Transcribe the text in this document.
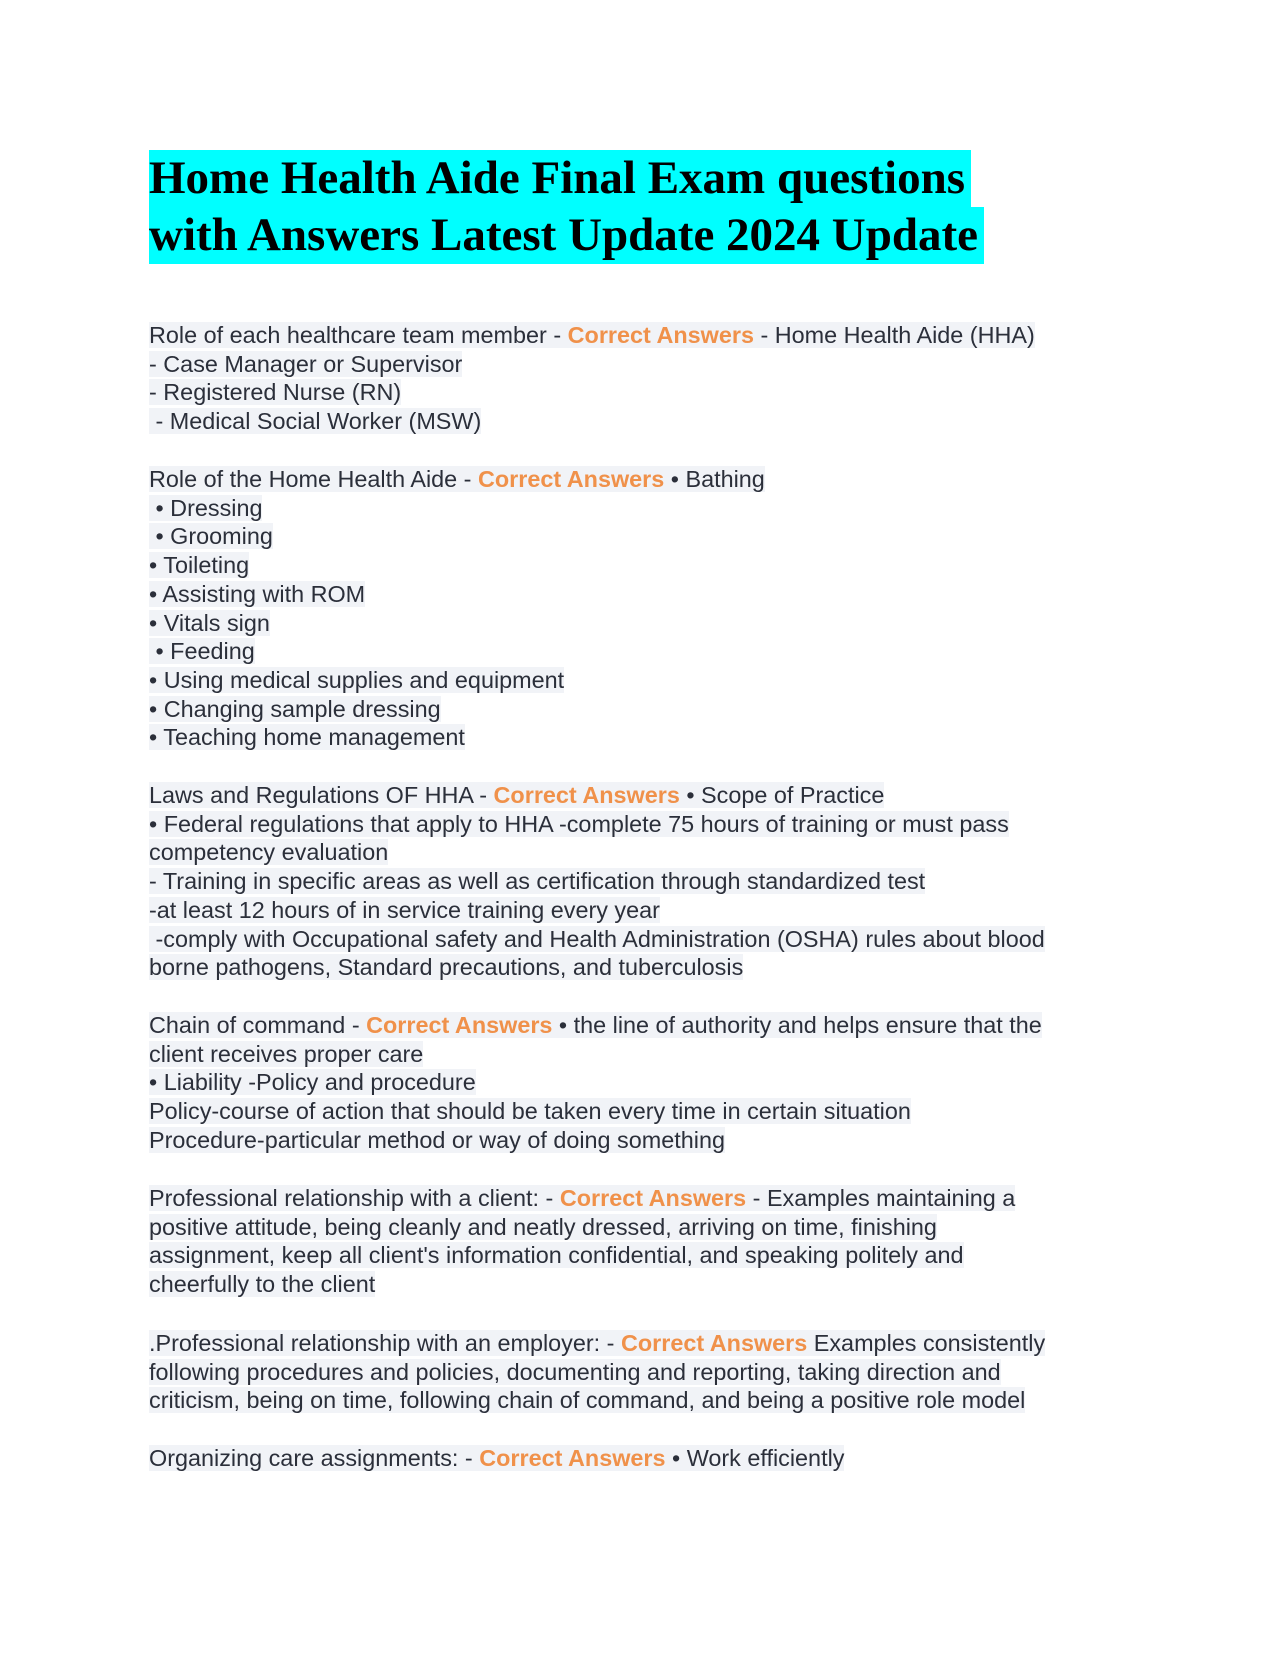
Home Health Aide Final Exam questions
with Answers Latest Update 2024 Update
Role of each healthcare team member - Correct Answers - Home Health Aide (HHA)
- Case Manager or Supervisor
- Registered Nurse (RN)
- Medical Social Worker (MSW)
Role of the Home Health Aide - Correct Answers • Bathing
• Dressing
• Grooming
• Toileting
• Assisting with ROM
• Vitals sign
• Feeding
• Using medical supplies and equipment
• Changing sample dressing
• Teaching home management
Laws and Regulations OF HHA - Correct Answers • Scope of Practice
• Federal regulations that apply to HHA -complete 75 hours of training or must pass
competency evaluation
- Training in specific areas as well as certification through standardized test
-at least 12 hours of in service training every year
-comply with Occupational safety and Health Administration (OSHA) rules about blood
borne pathogens, Standard precautions, and tuberculosis
Chain of command - Correct Answers • the line of authority and helps ensure that the
client receives proper care
• Liability -Policy and procedure
Policy-course of action that should be taken every time in certain situation
Procedure-particular method or way of doing something
Professional relationship with a client: - Correct Answers - Examples maintaining a
positive attitude, being cleanly and neatly dressed, arriving on time, finishing
assignment, keep all client's information confidential, and speaking politely and
cheerfully to the client
.Professional relationship with an employer: - Correct Answers Examples consistently
following procedures and policies, documenting and reporting, taking direction and
criticism, being on time, following chain of command, and being a positive role model
Organizing care assignments: - Correct Answers • Work efficiently
